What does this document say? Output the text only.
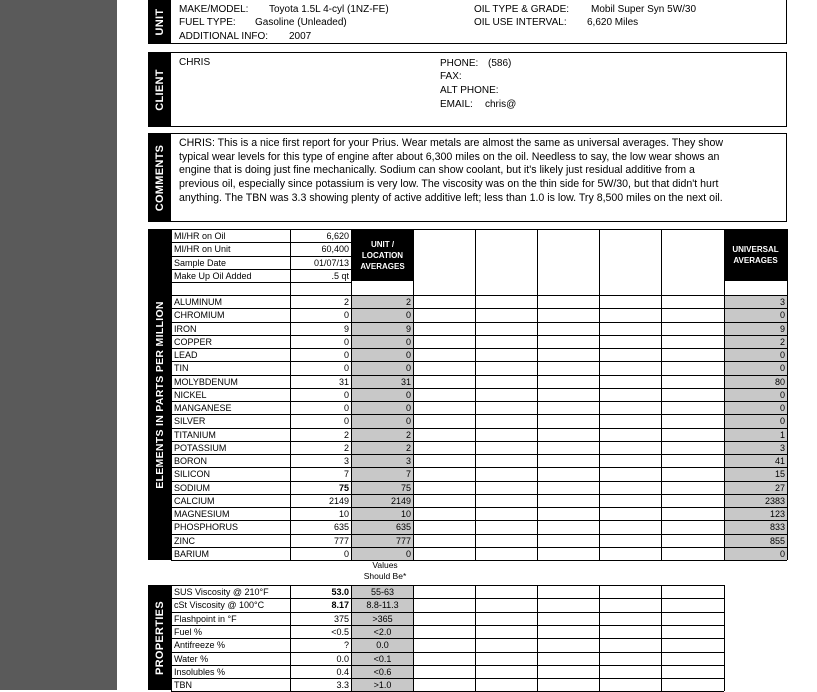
UNIT MAKE/MODEL: Toyota 1.5L 4-cyl (1NZ-FE)
FUEL TYPE: Gasoline (Unleaded)
ADDITIONAL INFO: 2007
OIL TYPE & GRADE: Mobil Super Syn 5W/30
OIL USE INTERVAL: 6,620 Miles
CLIENT
CHRIS	PHONE: (586)
FAX:
ALT PHONE:
EMAIL: chris@
COMMENTS
CHRIS: This is a nice first report for your Prius. Wear metals are almost the same as universal averages. They show typical wear levels for this type of engine after about 6,300 miles on the oil. Needless to say, the low wear shows an engine that is doing just fine mechanically. Sodium can show coolant, but it's likely just residual additive from a previous oil, especially since potassium is very low. The viscosity was on the thin side for 5W/30, but that didn't hurt anything. The TBN was 3.3 showing plenty of active additive left; less than 1.0 is low. Try 8,500 miles on the next oil.
ELEMENTS IN PARTS PER MILLION
UNIT / LOCATION AVERAGES
UNIVERSAL AVERAGES
MI/HR on Oil	6,620
MI/HR on Unit	60,400
Sample Date	01/07/13
Make Up Oil Added	.5 qt
ALUMINUM	2	2	3
CHROMIUM	0	0	0
IRON	9	9	9
COPPER	0	0	2
LEAD	0	0	0
TIN	0	0	0
MOLYBDENUM	31	31	80
NICKEL	0	0	0
MANGANESE	0	0	0
SILVER	0	0	0
TITANIUM	2	2	1
POTASSIUM	2	2	3
BORON	3	3	41
SILICON	7	7	15
SODIUM	75	75	27
CALCIUM	2149	2149	2383
MAGNESIUM	10	10	123
PHOSPHORUS	635	635	833
ZINC	777	777	855
BARIUM	0	0	0
Values Should Be*
PROPERTIES
SUS Viscosity @ 210°F	53.0	55-63
cSt Viscosity @ 100°C	8.17	8.8-11.3
Flashpoint in °F	375	>365
Fuel %	<0.5	<2.0
Antifreeze %	?	0.0
Water %	0.0	<0.1
Insolubles %	0.4	<0.6
TBN	3.3	>1.0
